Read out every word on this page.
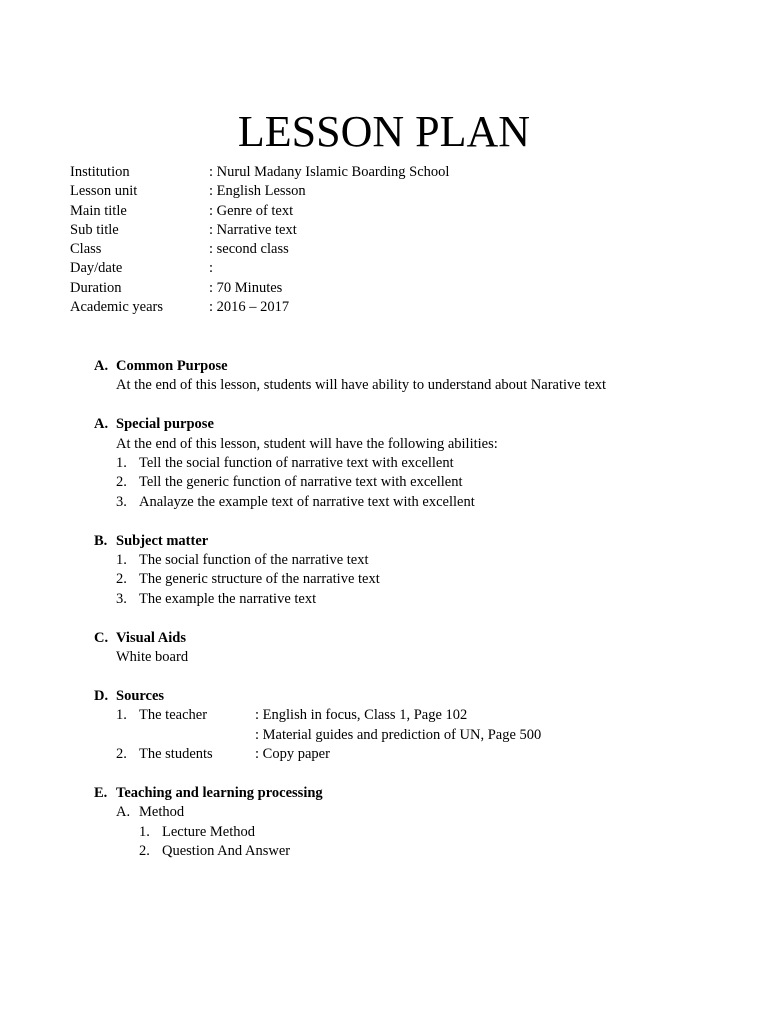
LESSON PLAN
Institution	: Nurul Madany Islamic Boarding School
Lesson unit	: English Lesson
Main title	: Genre of text
Sub title	: Narrative text
Class	: second class
Day/date	:
Duration	: 70 Minutes
Academic years	: 2016 – 2017
A. Common Purpose
At the end of this lesson, students will have ability to understand about Narative text
A. Special purpose
At the end of this lesson, student will have the following abilities:
1. Tell the social function of narrative text with excellent
2. Tell the generic function of narrative text with excellent
3. Analayze the example text of narrative text with excellent
B. Subject matter
1. The social function of the narrative text
2. The generic structure of the narrative text
3. The example the narrative text
C. Visual Aids
White board
D. Sources
1. The teacher	: English in focus, Class 1, Page 102
: Material guides and prediction of UN, Page 500
2. The students	: Copy paper
E. Teaching and learning processing
A. Method
1. Lecture Method
2. Question And Answer
